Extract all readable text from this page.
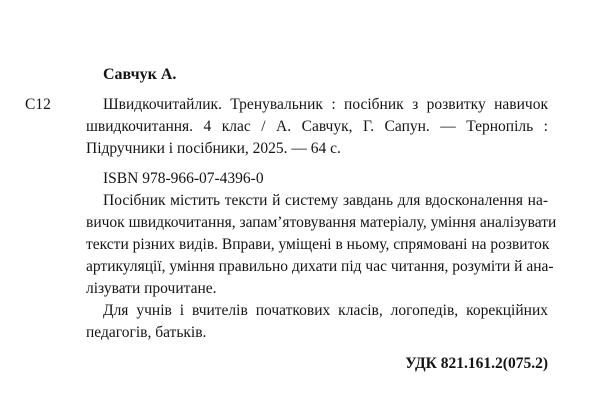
Савчук А.
С12	Швидкочитайлик. Тренувальник : посібник з розвитку навичок
швидкочитання. 4 клас / А. Савчук, Г. Сапун. — Тернопіль :
Підручники і посібники, 2025. — 64 с.
ISBN 978-966-07-4396-0
Посібник містить тексти й систему завдань для вдосконалення на-
вичок швидкочитання, запам’ятовування матеріалу, уміння аналізувати
тексти різних видів. Вправи, уміщені в ньому, спрямовані на розвиток
артикуляції, уміння правильно дихати під час читання, розуміти й ана-
лізувати прочитане.
Для учнів і вчителів початкових класів, логопедів, корекційних
педагогів, батьків.
УДК 821.161.2(075.2)
